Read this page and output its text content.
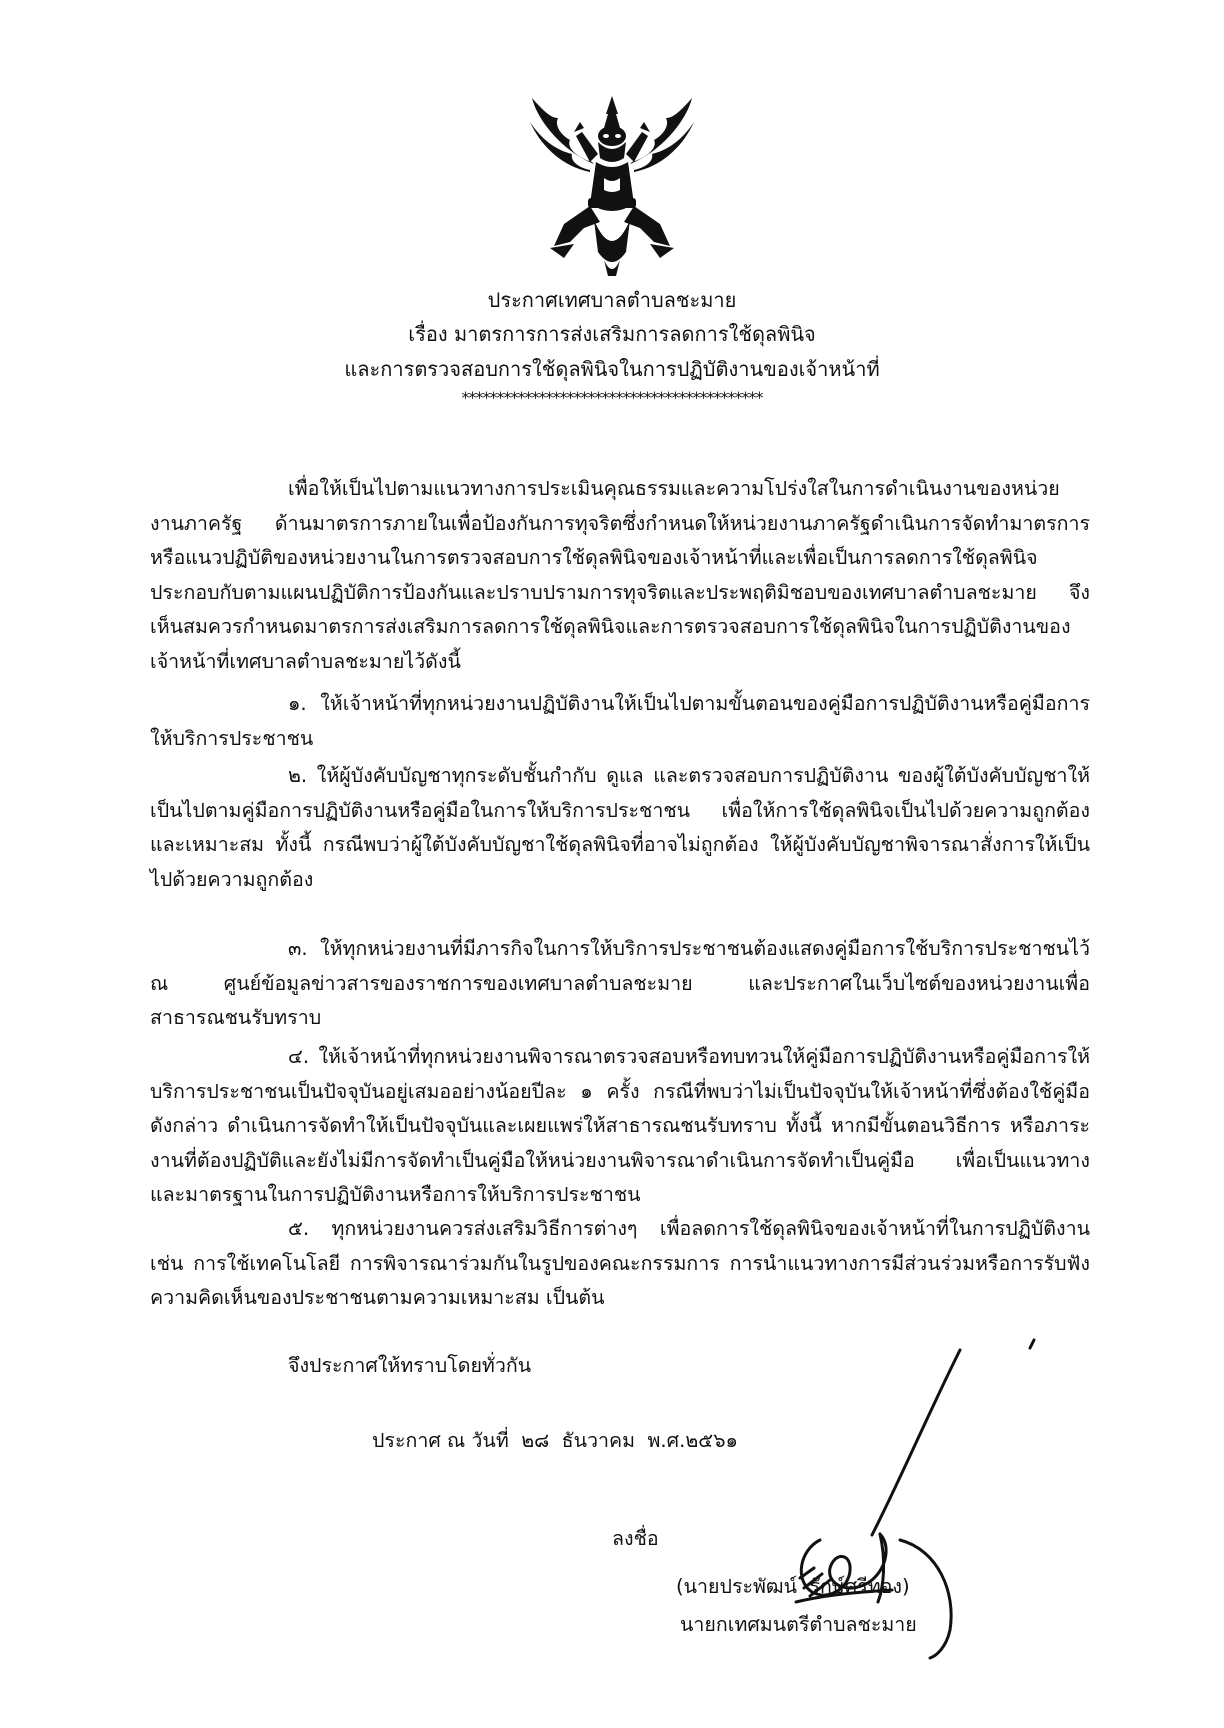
ประกาศเทศบาลตำบลชะมาย
เรื่อง มาตรการการส่งเสริมการลดการใช้ดุลพินิจ
และการตรวจสอบการใช้ดุลพินิจในการปฏิบัติงานของเจ้าหน้าที่
*******************************************

เพื่อให้เป็นไปตามแนวทางการประเมินคุณธรรมและความโปร่งใสในการดำเนินงานของหน่วยงานภาครัฐ ด้านมาตรการภายในเพื่อป้องกันการทุจริตซึ่งกำหนดให้หน่วยงานภาครัฐดำเนินการจัดทำมาตรการหรือแนวปฏิบัติของหน่วยงานในการตรวจสอบการใช้ดุลพินิจของเจ้าหน้าที่และเพื่อเป็นการลดการใช้ดุลพินิจ ประกอบกับตามแผนปฏิบัติการป้องกันและปราบปรามการทุจริตและประพฤติมิชอบของเทศบาลตำบลชะมาย จึงเห็นสมควรกำหนดมาตรการส่งเสริมการลดการใช้ดุลพินิจและการตรวจสอบการใช้ดุลพินิจในการปฏิบัติงานของเจ้าหน้าที่เทศบาลตำบลชะมายไว้ดังนี้

๑. ให้เจ้าหน้าที่ทุกหน่วยงานปฏิบัติงานให้เป็นไปตามขั้นตอนของคู่มือการปฏิบัติงานหรือคู่มือการให้บริการประชาชน

๒. ให้ผู้บังคับบัญชาทุกระดับชั้นกำกับ ดูแล และตรวจสอบการปฏิบัติงาน ของผู้ใต้บังคับบัญชาให้เป็นไปตามคู่มือการปฏิบัติงานหรือคู่มือในการให้บริการประชาชน เพื่อให้การใช้ดุลพินิจเป็นไปด้วยความถูกต้องและเหมาะสม ทั้งนี้ กรณีพบว่าผู้ใต้บังคับบัญชาใช้ดุลพินิจที่อาจไม่ถูกต้อง ให้ผู้บังคับบัญชาพิจารณาสั่งการให้เป็นไปด้วยความถูกต้อง

๓. ให้ทุกหน่วยงานที่มีภารกิจในการให้บริการประชาชนต้องแสดงคู่มือการใช้บริการประชาชนไว้ ณ ศูนย์ข้อมูลข่าวสารของราชการของเทศบาลตำบลชะมาย และประกาศในเว็บไซต์ของหน่วยงานเพื่อสาธารณชนรับทราบ

๔. ให้เจ้าหน้าที่ทุกหน่วยงานพิจารณาตรวจสอบหรือทบทวนให้คู่มือการปฏิบัติงานหรือคู่มือการให้บริการประชาชนเป็นปัจจุบันอยู่เสมออย่างน้อยปีละ ๑ ครั้ง กรณีที่พบว่าไม่เป็นปัจจุบันให้เจ้าหน้าที่ซึ่งต้องใช้คู่มือดังกล่าว ดำเนินการจัดทำให้เป็นปัจจุบันและเผยแพร่ให้สาธารณชนรับทราบ ทั้งนี้ หากมีขั้นตอนวิธีการ หรือภาระงานที่ต้องปฏิบัติและยังไม่มีการจัดทำเป็นคู่มือให้หน่วยงานพิจารณาดำเนินการจัดทำเป็นคู่มือ เพื่อเป็นแนวทางและมาตรฐานในการปฏิบัติงานหรือการให้บริการประชาชน

๕. ทุกหน่วยงานควรส่งเสริมวิธีการต่างๆ เพื่อลดการใช้ดุลพินิจของเจ้าหน้าที่ในการปฏิบัติงาน เช่น การใช้เทคโนโลยี การพิจารณาร่วมกันในรูปของคณะกรรมการ การนำแนวทางการมีส่วนร่วมหรือการรับฟังความคิดเห็นของประชาชนตามความเหมาะสม เป็นต้น

จึงประกาศให้ทราบโดยทั่วกัน
ประกาศ ณ วันที่  ๒๘  ธันวาคม  พ.ศ.๒๕๖๑
ลงชื่อ
(นายประพัฒน์  รักษ์ศรีทอง)
นายกเทศมนตรีตำบลชะมาย
